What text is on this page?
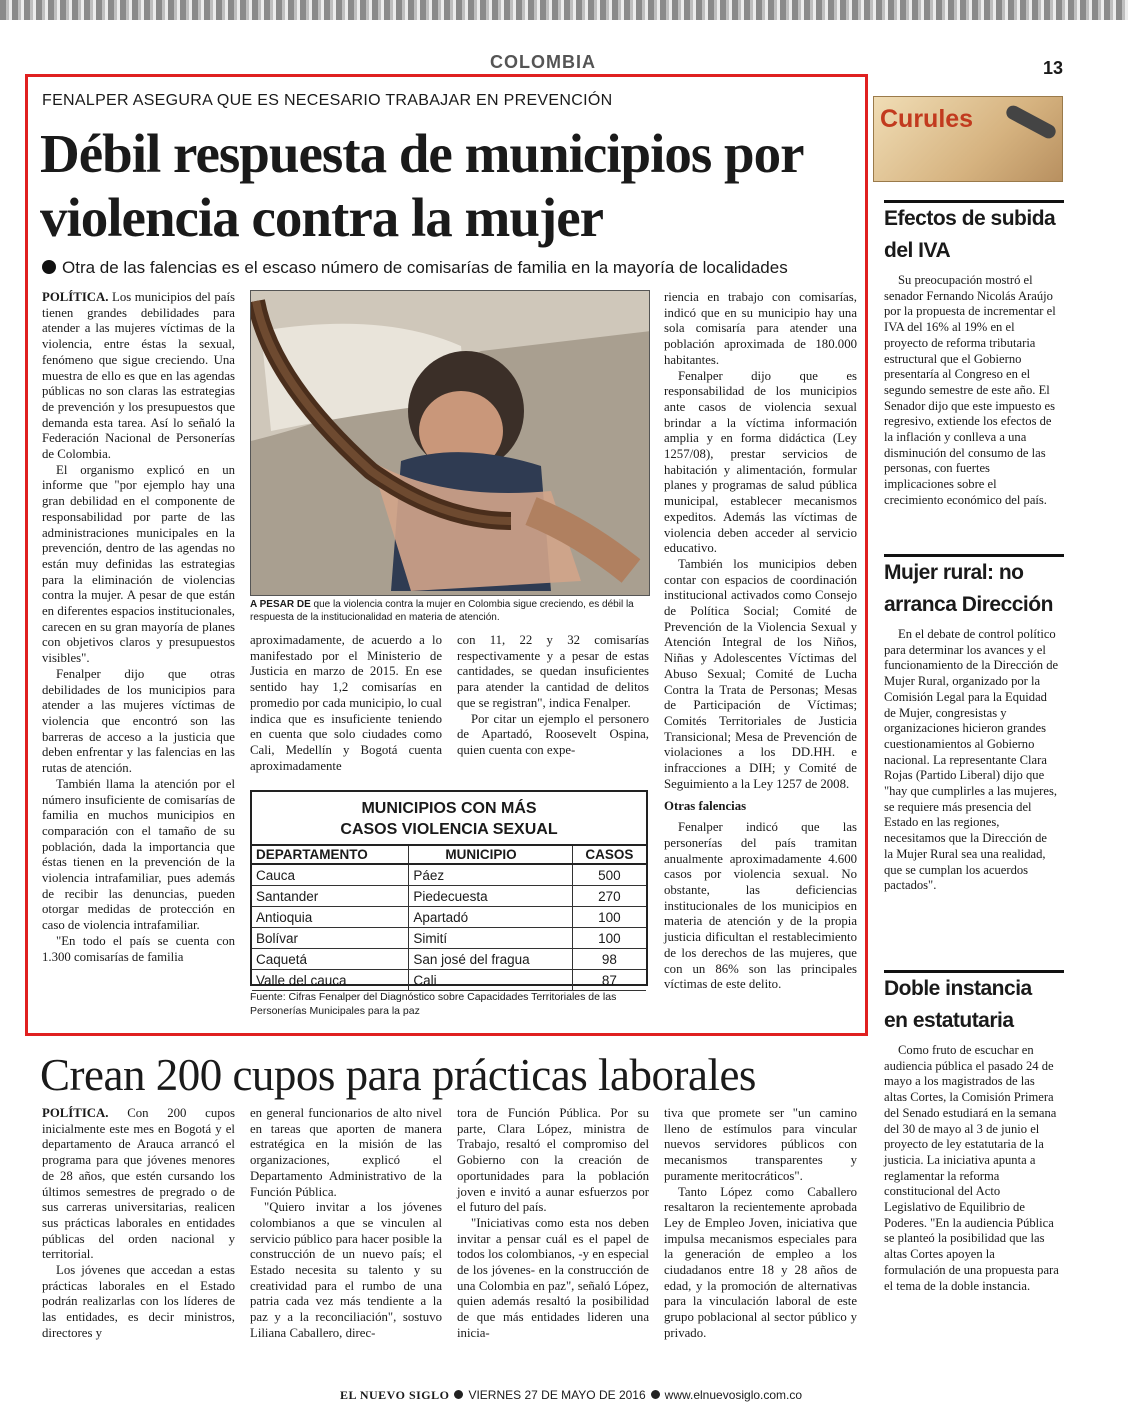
COLOMBIA	13
FENALPER ASEGURA QUE ES NECESARIO TRABAJAR EN PREVENCIÓN
Débil respuesta de municipios por violencia contra la mujer
Otra de las falencias es el escaso número de comisarías de familia en la mayoría de localidades

POLÍTICA. Los municipios del país tienen grandes debilidades para atender a las mujeres víctimas de la violencia, entre éstas la sexual, fenómeno que sigue creciendo. Una muestra de ello es que en las agendas públicas no son claras las estrategias de prevención y los presupuestos que demanda esta tarea. Así lo señaló la Federación Nacional de Personerías de Colombia.

El organismo explicó en un informe que "por ejemplo hay una gran debilidad en el componente de responsabilidad por parte de las administraciones municipales en la prevención, dentro de las agendas no están muy definidas las estrategias para la eliminación de violencias contra la mujer. A pesar de que están en diferentes espacios institucionales, carecen en su gran mayoría de planes con objetivos claros y presupuestos visibles".

Fenalper dijo que otras debilidades de los municipios para atender a las mujeres víctimas de violencia que encontró son las barreras de acceso a la justicia que deben enfrentar y las falencias en las rutas de atención.

También llama la atención por el número insuficiente de comisarías de familia en muchos municipios en comparación con el tamaño de su población, dada la importancia que éstas tienen en la prevención de la violencia intrafamiliar, pues además de recibir las denuncias, pueden otorgar medidas de protección en caso de violencia intrafamiliar.

"En todo el país se cuenta con 1.300 comisarías de familia

A PESAR DE que la violencia contra la mujer en Colombia sigue creciendo, es débil la respuesta de la institucionalidad en materia de atención.

aproximadamente, de acuerdo a lo manifestado por el Ministerio de Justicia en marzo de 2015. En ese sentido hay 1,2 comisarías en promedio por cada municipio, lo cual indica que es insuficiente teniendo en cuenta que solo ciudades como Cali, Medellín y Bogotá cuenta aproximadamente

con 11, 22 y 32 comisarías respectivamente y a pesar de estas cantidades, se quedan insuficientes para atender la cantidad de delitos que se registran", indica Fenalper.

Por citar un ejemplo el personero de Apartadó, Roosevelt Ospina, quien cuenta con expe-

MUNICIPIOS CON MÁS
CASOS VIOLENCIA SEXUAL
DEPARTAMENTO	MUNICIPIO	CASOS
Cauca	Páez	500
Santander	Piedecuesta	270
Antioquia	Apartadó	100
Bolívar	Simití	100
Caquetá	San josé del fragua	98
Valle del cauca	Cali	87
Fuente: Cifras Fenalper del Diagnóstico sobre Capacidades Territoriales de las Personerías Municipales para la paz

riencia en trabajo con comisarías, indicó que en su municipio hay una sola comisaría para atender una población aproximada de 180.000 habitantes.

Fenalper dijo que es responsabilidad de los municipios ante casos de violencia sexual brindar a la víctima información amplia y en forma didáctica (Ley 1257/08), prestar servicios de habitación y alimentación, formular planes y programas de salud pública municipal, establecer mecanismos expeditos. Además las víctimas de violencia deben acceder al servicio educativo.

También los municipios deben contar con espacios de coordinación institucional activados como Consejo de Política Social; Comité de Prevención de la Violencia Sexual y Atención Integral de los Niños, Niñas y Adolescentes Víctimas del Abuso Sexual; Comité de Lucha Contra la Trata de Personas; Mesas de Participación de Víctimas; Comités Territoriales de Justicia Transicional; Mesa de Prevención de violaciones a los DD.HH. e infracciones a DIH; y Comité de Seguimiento a la Ley 1257 de 2008.

Otras falencias

Fenalper indicó que las personerías del país tramitan anualmente aproximadamente 4.600 casos por violencia sexual. No obstante, las deficiencias institucionales de los municipios en materia de atención y de la propia justicia dificultan el restablecimiento de los derechos de las mujeres, que con un 86% son las principales víctimas de este delito.

Curules
Efectos de subida del IVA

Su preocupación mostró el senador Fernando Nicolás Araújo por la propuesta de incrementar el IVA del 16% al 19% en el proyecto de reforma tributaria estructural que el Gobierno presentaría al Congreso en el segundo semestre de este año. El Senador dijo que este impuesto es regresivo, extiende los efectos de la inflación y conlleva a una disminución del consumo de las personas, con fuertes implicaciones sobre el crecimiento económico del país.

Mujer rural: no arranca Dirección

En el debate de control político para determinar los avances y el funcionamiento de la Dirección de Mujer Rural, organizado por la Comisión Legal para la Equidad de Mujer, congresistas y organizaciones hicieron grandes cuestionamientos al Gobierno nacional. La representante Clara Rojas (Partido Liberal) dijo que "hay que cumplirles a las mujeres, se requiere más presencia del Estado en las regiones, necesitamos que la Dirección de la Mujer Rural sea una realidad, que se cumplan los acuerdos pactados".

Doble instancia en estatutaria

Como fruto de escuchar en audiencia pública el pasado 24 de mayo a los magistrados de las altas Cortes, la Comisión Primera del Senado estudiará en la semana del 30 de mayo al 3 de junio el proyecto de ley estatutaria de la justicia. La iniciativa apunta a reglamentar la reforma constitucional del Acto Legislativo de Equilibrio de Poderes. "En la audiencia Pública se planteó la posibilidad que las altas Cortes apoyen la formulación de una propuesta para el tema de la doble instancia.

Crean 200 cupos para prácticas laborales

POLÍTICA. Con 200 cupos inicialmente este mes en Bogotá y el departamento de Arauca arrancó el programa para que jóvenes menores de 28 años, que estén cursando los últimos semestres de pregrado o de sus carreras universitarias, realicen sus prácticas laborales en entidades públicas del orden nacional y territorial.

Los jóvenes que accedan a estas prácticas laborales en el Estado podrán realizarlas con los líderes de las entidades, es decir ministros, directores y

en general funcionarios de alto nivel en tareas que aporten de manera estratégica en la misión de las organizaciones, explicó el Departamento Administrativo de la Función Pública.

"Quiero invitar a los jóvenes colombianos a que se vinculen al servicio público para hacer posible la construcción de un nuevo país; el Estado necesita su talento y su creatividad para el rumbo de una patria cada vez más tendiente a la paz y a la reconciliación", sostuvo Liliana Caballero, direc-

tora de Función Pública. Por su parte, Clara López, ministra de Trabajo, resaltó el compromiso del Gobierno con la creación de oportunidades para la población joven e invitó a aunar esfuerzos por el futuro del país.

"Iniciativas como esta nos deben invitar a pensar cuál es el papel de todos los colombianos, -y en especial de los jóvenes- en la construcción de una Colombia en paz", señaló López, quien además resaltó la posibilidad de que más entidades lideren una inicia-

tiva que promete ser "un camino lleno de estímulos para vincular nuevos servidores públicos con mecanismos transparentes y puramente meritocráticos".

Tanto López como Caballero resaltaron la recientemente aprobada Ley de Empleo Joven, iniciativa que impulsa mecanismos especiales para la generación de empleo a los ciudadanos entre 18 y 28 años de edad, y la promoción de alternativas para la vinculación laboral de este grupo poblacional al sector público y privado.

EL NUEVO SIGLO VIERNES 27 DE MAYO DE 2016 www.elnuevosiglo.com.co
